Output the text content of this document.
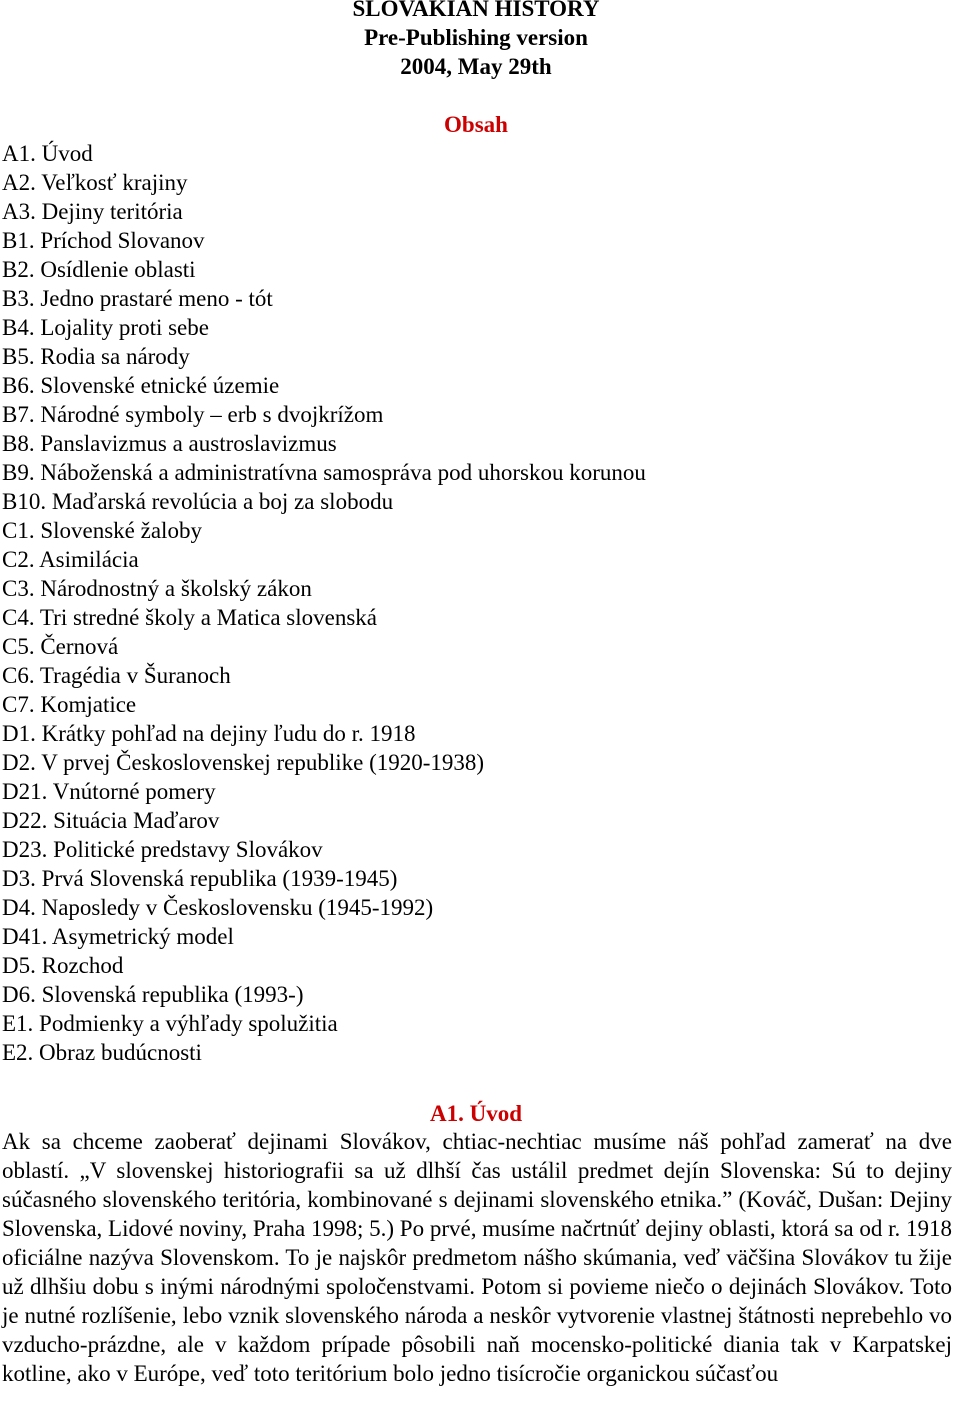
SLOVAKIAN HISTORY
Pre-Publishing version
2004, May 29th
Obsah
A1. Úvod
A2. Veľkosť krajiny
A3. Dejiny teritória
B1. Príchod Slovanov
B2. Osídlenie oblasti
B3. Jedno prastaré meno - tót
B4. Lojality proti sebe
B5. Rodia sa národy
B6. Slovenské etnické územie
B7. Národné symboly – erb s dvojkrížom
B8. Panslavizmus a austroslavizmus
B9. Náboženská a administratívna samospráva pod uhorskou korunou
B10. Maďarská revolúcia a boj za slobodu
C1. Slovenské žaloby
C2. Asimilácia
C3. Národnostný a školský zákon
C4. Tri stredné školy a Matica slovenská
C5. Černová
C6. Tragédia v Šuranoch
C7. Komjatice
D1. Krátky pohľad na dejiny ľudu do r. 1918
D2. V prvej Československej republike (1920-1938)
D21. Vnútorné pomery
D22. Situácia Maďarov
D23. Politické predstavy Slovákov
D3. Prvá Slovenská republika (1939-1945)
D4. Naposledy v Československu (1945-1992)
D41. Asymetrický model
D5. Rozchod
D6. Slovenská republika (1993-)
E1. Podmienky a výhľady spolužitia
E2. Obraz budúcnosti
A1. Úvod

Ak sa chceme zaoberať dejinami Slovákov, chtiac-nechtiac musíme náš pohľad zamerať na dve oblastí. „V slovenskej historiografii sa už dlhší čas ustálil predmet dejín Slovenska: Sú to dejiny súčasného slovenského teritória, kombinované s dejinami slovenského etnika.” (Kováč, Dušan: Dejiny Slovenska, Lidové noviny, Praha 1998; 5.) Po prvé, musíme načrtnúť dejiny oblasti, ktorá sa od r. 1918 oficiálne nazýva Slovenskom. To je najskôr predmetom nášho skúmania, veď väčšina Slovákov tu žije už dlhšiu dobu s inými národnými spoločenstvami. Potom si povieme niečo o dejinách Slovákov. Toto je nutné rozlíšenie, lebo vznik slovenského národa a neskôr vytvorenie vlastnej štátnosti neprebehlo vo vzducho-prázdne, ale v každom prípade pôsobili naň mocensko-politické diania tak v Karpatskej kotline, ako v Európe, veď toto teritórium bolo jedno tisícročie organickou súčasťou
